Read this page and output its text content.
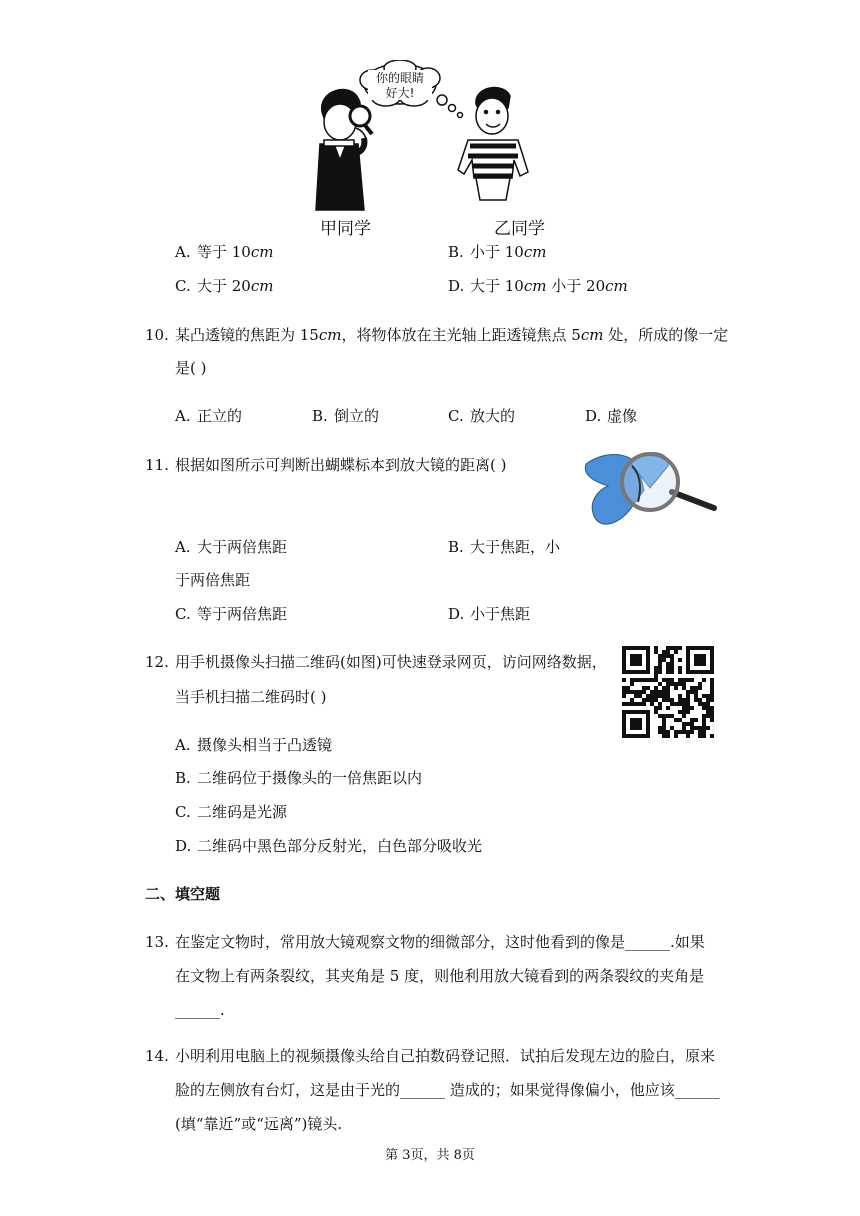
你的眼睛
好大!
甲同学	乙同学
A. 等于 10cm	B. 小于 10cm
C. 大于 20cm	D. 大于 10cm 小于 20cm
10. 某凸透镜的焦距为 15cm，将物体放在主光轴上距透镜焦点 5cm 处，所成的像一定
是( )
A. 正立的	B. 倒立的	C. 放大的	D. 虚像
11. 根据如图所示可判断出蝴蝶标本到放大镜的距离( )
A. 大于两倍焦距	B. 大于焦距，小
于两倍焦距
C. 等于两倍焦距	D. 小于焦距
12. 用手机摄像头扫描二维码(如图)可快速登录网页，访问网络数据，
当手机扫描二维码时( )
A. 摄像头相当于凸透镜
B. 二维码位于摄像头的一倍焦距以内
C. 二维码是光源
D. 二维码中黑色部分反射光，白色部分吸收光
二、填空题
13. 在鉴定文物时，常用放大镜观察文物的细微部分，这时他看到的像是______.如果
在文物上有两条裂纹，其夹角是 5 度，则他利用放大镜看到的两条裂纹的夹角是
______.
14. 小明利用电脑上的视频摄像头给自己拍数码登记照．试拍后发现左边的脸白，原来
脸的左侧放有台灯，这是由于光的______ 造成的；如果觉得像偏小，他应该______
(填“靠近”或“远离”)镜头.
第 3页，共 8页
